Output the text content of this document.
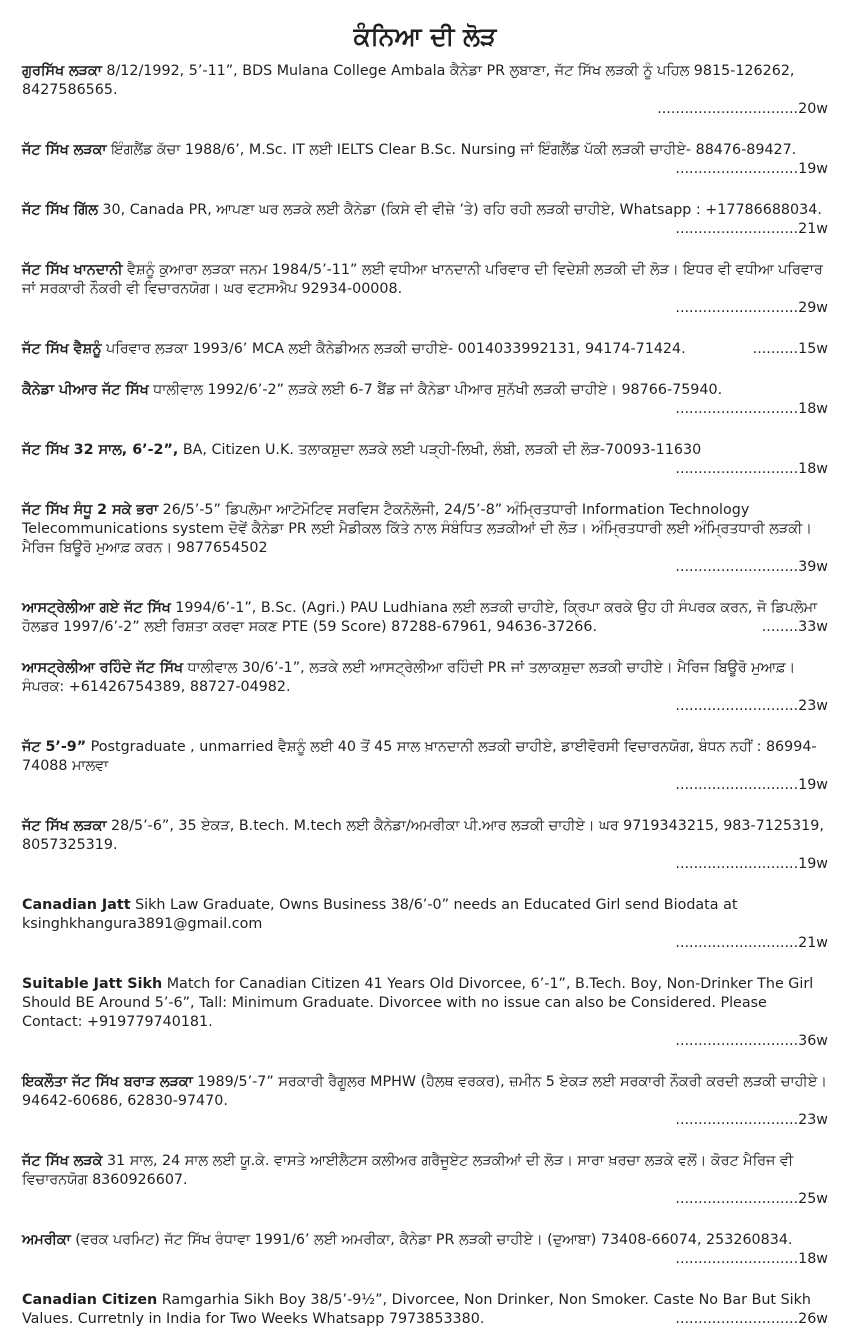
ਕੰਨਿਆ ਦੀ ਲੋੜ
ਗੁਰਸਿੱਖ ਲੜਕਾ 8/12/1992, 5’-11”, BDS Mulana College Ambala ਕੈਨੇਡਾ PR ਲੁਬਾਣਾ, ਜੱਟ ਸਿੱਖ ਲੜਕੀ ਨੂੰ ਪਹਿਲ 9815-126262, 8427586565.
...............................20w
ਜੱਟ ਸਿੱਖ ਲੜਕਾ ਇੰਗਲੈਂਡ ਕੱਚਾ 1988/6’, M.Sc. IT ਲਈ IELTS Clear B.Sc. Nursing ਜਾਂ ਇੰਗਲੈਂਡ ਪੱਕੀ ਲੜਕੀ ਚਾਹੀਏ- 88476-89427.
...........................19w
ਜੱਟ ਸਿੱਖ ਗਿੱਲ 30, Canada PR, ਆਪਣਾ ਘਰ ਲੜਕੇ ਲਈ ਕੈਨੇਡਾ (ਕਿਸੇ ਵੀ ਵੀਜ਼ੇ ’ਤੇ) ਰਹਿ ਰਹੀ ਲੜਕੀ ਚਾਹੀਏ, Whatsapp : +17786688034.
...........................21w
ਜੱਟ ਸਿੱਖ ਖਾਨਦਾਨੀ ਵੈਸ਼ਨੂੰ ਕੁਆਰਾ ਲੜਕਾ ਜਨਮ 1984/5’-11” ਲਈ ਵਧੀਆ ਖਾਨਦਾਨੀ ਪਰਿਵਾਰ ਦੀ ਵਿਦੇਸ਼ੀ ਲੜਕੀ ਦੀ ਲੋੜ। ਇਧਰ ਵੀ ਵਧੀਆ ਪਰਿਵਾਰ ਜਾਂ ਸਰਕਾਰੀ ਨੌਕਰੀ ਵੀ ਵਿਚਾਰਨਯੋਗ। ਘਰ ਵਟਸਐਪ 92934-00008.
...........................29w
ਜੱਟ ਸਿੱਖ ਵੈਸ਼ਨੂੰ ਪਰਿਵਾਰ ਲੜਕਾ 1993/6’ MCA ਲਈ ਕੈਨੇਡੀਅਨ ਲੜਕੀ ਚਾਹੀਏ- 0014033992131, 94174-71424.	..........15w
ਕੈਨੇਡਾ ਪੀਆਰ ਜੱਟ ਸਿੱਖ ਧਾਲੀਵਾਲ 1992/6’-2” ਲੜਕੇ ਲਈ 6-7 ਬੈਂਡ ਜਾਂ ਕੈਨੇਡਾ ਪੀਆਰ ਸੁਨੱਖੀ ਲੜਕੀ ਚਾਹੀਏ। 98766-75940.
...........................18w
ਜੱਟ ਸਿੱਖ 32 ਸਾਲ, 6’-2”, BA, Citizen U.K. ਤਲਾਕਸ਼ੁਦਾ ਲੜਕੇ ਲਈ ਪੜ੍ਹੀ-ਲਿਖੀ, ਲੰਬੀ, ਲੜਕੀ ਦੀ ਲੋੜ-70093-11630
...........................18w
ਜੱਟ ਸਿੱਖ ਸੰਧੂ 2 ਸਕੇ ਭਰਾ 26/5’-5” ਡਿਪਲੋਮਾ ਆਟੋਮੋਟਿਵ ਸਰਵਿਸ ਟੈਕਨੋਲੋਜੀ, 24/5’-8” ਅੰਮ੍ਰਿਤਧਾਰੀ Information Technology Telecommunications system ਦੋਵੇਂ ਕੈਨੇਡਾ PR ਲਈ ਮੈਡੀਕਲ ਕਿੱਤੇ ਨਾਲ ਸੰਬੰਧਿਤ ਲੜਕੀਆਂ ਦੀ ਲੋੜ। ਅੰਮ੍ਰਿਤਧਾਰੀ ਲਈ ਅੰਮ੍ਰਿਤਧਾਰੀ ਲੜਕੀ। ਮੈਰਿਜ ਬਿਊਰੋ ਮੁਆਫ਼ ਕਰਨ। 9877654502
...........................39w
ਆਸਟ੍ਰੇਲੀਆ ਗਏ ਜੱਟ ਸਿੱਖ 1994/6’-1”, B.Sc. (Agri.) PAU Ludhiana ਲਈ ਲੜਕੀ ਚਾਹੀਏ, ਕ੍ਰਿਪਾ ਕਰਕੇ ਉਹ ਹੀ ਸੰਪਰਕ ਕਰਨ, ਜੋ ਡਿਪਲੋਮਾ ਹੋਲਡਰ 1997/6’-2” ਲਈ ਰਿਸ਼ਤਾ ਕਰਵਾ ਸਕਣ PTE (59 Score) 87288-67961, 94636-37266.	........33w
ਆਸਟ੍ਰੇਲੀਆ ਰਹਿੰਦੇ ਜੱਟ ਸਿੱਖ ਧਾਲੀਵਾਲ 30/6’-1”, ਲੜਕੇ ਲਈ ਆਸਟ੍ਰੇਲੀਆ ਰਹਿੰਦੀ PR ਜਾਂ ਤਲਾਕਸ਼ੁਦਾ ਲੜਕੀ ਚਾਹੀਏ। ਮੈਰਿਜ ਬਿਊਰੋ ਮੁਆਫ਼। ਸੰਪਰਕ: +61426754389, 88727-04982.
...........................23w
ਜੱਟ 5’-9” Postgraduate , unmarried ਵੈਸ਼ਨੂੰ ਲਈ 40 ਤੋਂ 45 ਸਾਲ ਖ਼ਾਨਦਾਨੀ ਲੜਕੀ ਚਾਹੀਏ, ਡਾਈਵੋਰਸੀ ਵਿਚਾਰਨਯੋਗ, ਬੰਧਨ ਨਹੀਂ : 86994-74088 ਮਾਲਵਾ
...........................19w
ਜੱਟ ਸਿੱਖ ਲੜਕਾ 28/5’-6”, 35 ਏਕੜ, B.tech. M.tech ਲਈ ਕੈਨੇਡਾ/ਅਮਰੀਕਾ ਪੀ.ਆਰ ਲੜਕੀ ਚਾਹੀਏ। ਘਰ 9719343215, 983-7125319, 8057325319.
...........................19w
Canadian Jatt Sikh Law Graduate, Owns Business 38/6’-0” needs an Educated Girl send Biodata at ksinghkhangura3891@gmail.com
...........................21w
Suitable Jatt Sikh Match for Canadian Citizen 41 Years Old Divorcee, 6’-1”, B.Tech. Boy, Non-Drinker The Girl Should BE Around 5’-6”, Tall: Minimum Graduate. Divorcee with no issue can also be Considered. Please Contact: +919779740181.
...........................36w
ਇਕਲੌਤਾ ਜੱਟ ਸਿੱਖ ਬਰਾੜ ਲੜਕਾ 1989/5’-7” ਸਰਕਾਰੀ ਰੈਗੂਲਰ MPHW (ਹੈਲਥ ਵਰਕਰ), ਜ਼ਮੀਨ 5 ਏਕੜ ਲਈ ਸਰਕਾਰੀ ਨੌਕਰੀ ਕਰਦੀ ਲੜਕੀ ਚਾਹੀਏ। 94642-60686, 62830-97470.
...........................23w
ਜੱਟ ਸਿੱਖ ਲੜਕੇ 31 ਸਾਲ, 24 ਸਾਲ ਲਈ ਯੂ.ਕੇ. ਵਾਸਤੇ ਆਈਲੈਟਸ ਕਲੀਅਰ ਗਰੈਜੂਏਟ ਲੜਕੀਆਂ ਦੀ ਲੋੜ। ਸਾਰਾ ਖ਼ਰਚਾ ਲੜਕੇ ਵਲੋਂ। ਕੋਰਟ ਮੈਰਿਜ ਵੀ ਵਿਚਾਰਨਯੋਗ 8360926607.
...........................25w
ਅਮਰੀਕਾ (ਵਰਕ ਪਰਮਿਟ) ਜੱਟ ਸਿੱਖ ਰੰਧਾਵਾ 1991/6’ ਲਈ ਅਮਰੀਕਾ, ਕੈਨੇਡਾ PR ਲੜਕੀ ਚਾਹੀਏ। (ਦੁਆਬਾ) 73408-66074, 253260834.
...........................18w
Canadian Citizen Ramgarhia Sikh Boy 38/5’-9½”, Divorcee, Non Drinker, Non Smoker. Caste No Bar But Sikh Values. Curretnly in India for Two Weeks Whatsapp 7973853380.	...........................26w
